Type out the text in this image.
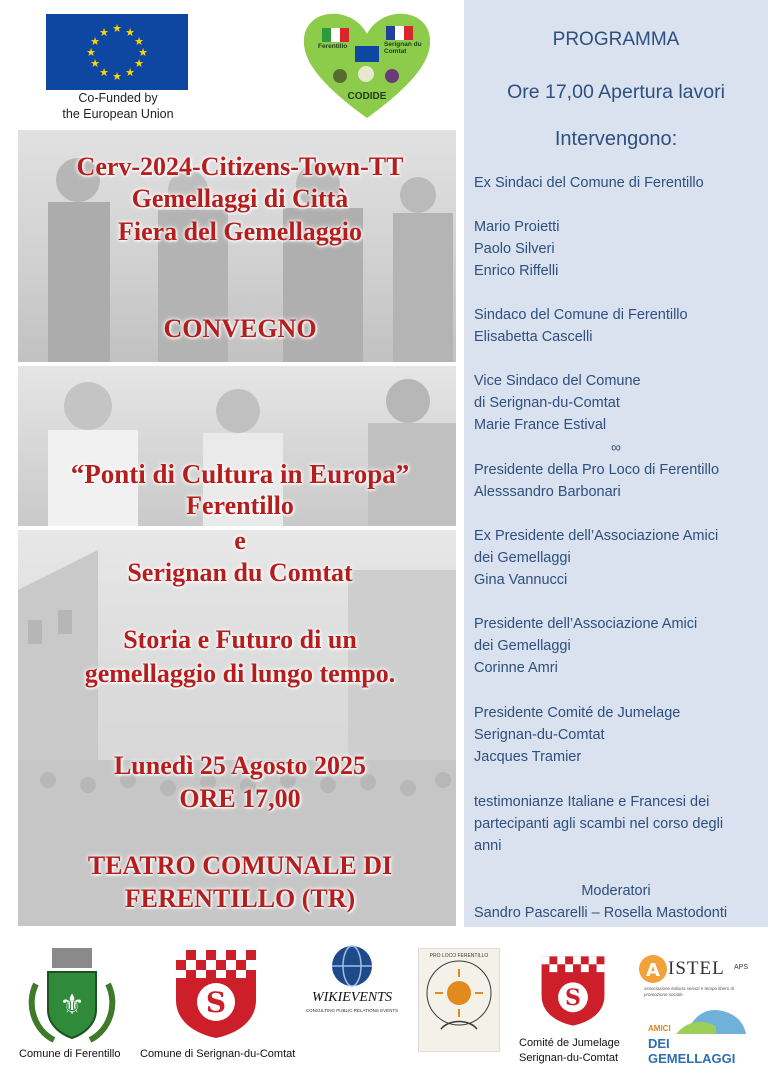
★ ★
★
★
★
★
★
★
★
★
★
★
Co-Funded by
the European Union
Ferentillo	Serignan du Comtat
CODIDE
Cerv-2024-Citizens-Town-TT
Gemellaggi di Città
Fiera del Gemellaggio
CONVEGNO
“Ponti di Cultura in Europa”
Ferentillo
e
Serignan du Comtat
Storia e Futuro di un
gemellaggio di lungo tempo.
Lunedì 25 Agosto 2025
ORE 17,00
TEATRO COMUNALE DI
FERENTILLO (TR)
PROGRAMMA
Ore 17,00 Apertura lavori
Intervengono:
Ex Sindaci del Comune di Ferentillo
Mario Proietti
Paolo Silveri
Enrico Riffelli
Sindaco del Comune di Ferentillo
Elisabetta Cascelli
Vice Sindaco del Comune
di Serignan-du-Comtat
Marie France Estival
∞
Presidente della Pro Loco di Ferentillo
Alesssandro Barbonari
Ex Presidente dell’Associazione Amici
dei Gemellaggi
Gina Vannucci
Presidente dell’Associazione Amici
dei Gemellaggi
Corinne Amri
Presidente Comité de Jumelage
Serignan-du-Comtat
Jacques Tramier
testimonianze Italiane e Francesi dei
partecipanti agli scambi nel corso degli
anni
Moderatori
Sandro Pascarelli – Rosella Mastodonti
⚜
Comune di Ferentillo
S
Comune di Serignan-du-Comtat
WIKIEVENTS
CONSULTING PUBLIC RELATIONS EVENTS
PRO LOCO FERENTILLO
S
Comité de Jumelage
Serignan-du-Comtat
A ISTEL APS
associazione italiana servizi e tempo libero di promozione sociale
AMICI
DEI GEMELLAGGI
